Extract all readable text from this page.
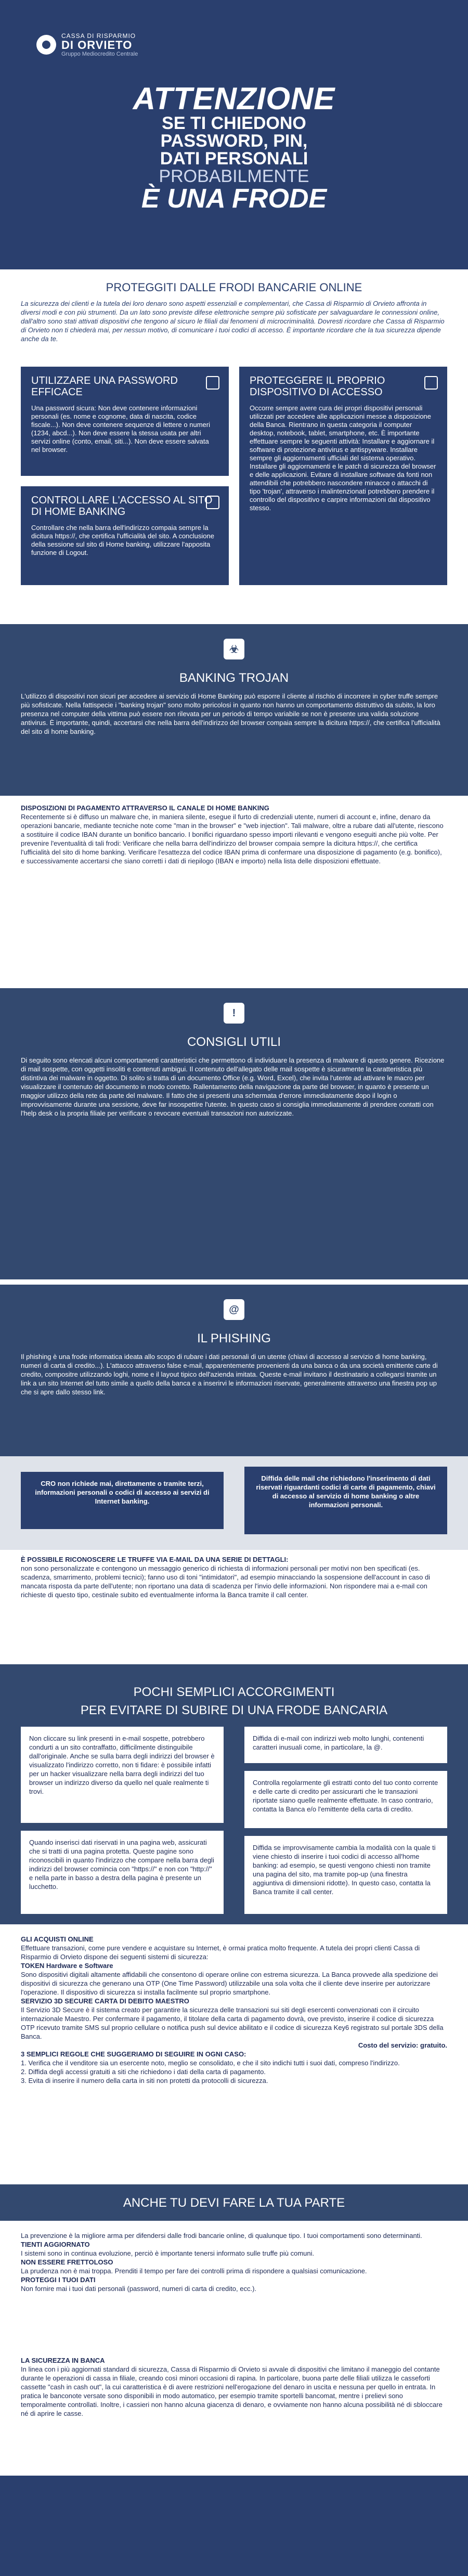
CASSA DI RISPARMIO
DI ORVIETO
Gruppo Mediocredito Centrale
ATTENZIONE
SE TI CHIEDONO
PASSWORD, PIN,
DATI PERSONALI
PROBABILMENTE
È UNA FRODE
PROTEGGITI DALLE FRODI BANCARIE ONLINE
La sicurezza dei clienti e la tutela dei loro denaro sono aspetti essenziali e complementari, che Cassa di Risparmio di Orvieto affronta in diversi modi e con più strumenti. Da un lato sono previste difese elettroniche sempre più sofisticate per salvaguardare le connessioni online, dall'altro sono stati attivati dispositivi che tengono al sicuro le filiali dai fenomeni di microcriminalità. Dovresti ricordare che Cassa di Risparmio di Orvieto non ti chiederà mai, per nessun motivo, di comunicare i tuoi codici di accesso. È importante ricordare che la tua sicurezza dipende anche da te.
UTILIZZARE UNA PASSWORD EFFICACE

Una password sicura: Non deve contenere informazioni personali (es. nome e cognome, data di nascita, codice fiscale...). Non deve contenere sequenze di lettere o numeri (1234, abcd...). Non deve essere la stessa usata per altri servizi online (conto, email, siti...). Non deve essere salvata nel browser.

PROTEGGERE IL PROPRIO DISPOSITIVO DI ACCESSO

Occorre sempre avere cura dei propri dispositivi personali utilizzati per accedere alle applicazioni messe a disposizione della Banca. Rientrano in questa categoria il computer desktop, notebook, tablet, smartphone, etc. È importante effettuare sempre le seguenti attività: Installare e aggiornare il software di protezione antivirus e antispyware. Installare sempre gli aggiornamenti ufficiali del sistema operativo. Installare gli aggiornamenti e le patch di sicurezza del browser e delle applicazioni. Evitare di installare software da fonti non attendibili che potrebbero nascondere minacce o attacchi di tipo 'trojan', attraverso i malintenzionati potrebbero prendere il controllo del dispositivo e carpire informazioni dal dispositivo stesso.

CONTROLLARE L'ACCESSO AL SITO DI HOME BANKING

Controllare che nella barra dell'indirizzo compaia sempre la dicitura https://, che certifica l'ufficialità del sito. A conclusione della sessione sul sito di Home banking, utilizzare l'apposita funzione di Logout.

☣
BANKING TROJAN
L'utilizzo di dispositivi non sicuri per accedere ai servizio di Home Banking può esporre il cliente al rischio di incorrere in cyber truffe sempre più sofisticate. Nella fattispecie i "banking trojan" sono molto pericolosi in quanto non hanno un comportamento distruttivo da subito, la loro presenza nel computer della vittima può essere non rilevata per un periodo di tempo variabile se non è presente una valida soluzione antivirus. È importante, quindi, accertarsi che nella barra dell'indirizzo del browser compaia sempre la dicitura https://, che certifica l'ufficialità del sito di home banking.
DISPOSIZIONI DI PAGAMENTO ATTRAVERSO IL CANALE DI HOME BANKING
Recentemente si è diffuso un malware che, in maniera silente, esegue il furto di credenziali utente, numeri di account e, infine, denaro da operazioni bancarie, mediante tecniche note come "man in the browser" e "web injection". Tali malware, oltre a rubare dati all'utente, riescono a sostituire il codice IBAN durante un bonifico bancario. I bonifici riguardano spesso importi rilevanti e vengono eseguiti anche più volte. Per prevenire l'eventualità di tali frodi: Verificare che nella barra dell'indirizzo del browser compaia sempre la dicitura https://, che certifica l'ufficialità del sito di home banking. Verificare l'esattezza del codice IBAN prima di confermare una disposizione di pagamento (e.g. bonifico), e successivamente accertarsi che siano corretti i dati di riepilogo (IBAN e importo) nella lista delle disposizioni effettuate.
!
CONSIGLI UTILI
Di seguito sono elencati alcuni comportamenti caratteristici che permettono di individuare la presenza di malware di questo genere. Ricezione di mail sospette, con oggetti insoliti e contenuti ambigui. Il contenuto dell'allegato delle mail sospette è sicuramente la caratteristica più distintiva dei malware in oggetto. Di solito si tratta di un documento Office (e.g. Word, Excel), che invita l'utente ad attivare le macro per visualizzare il contenuto del documento in modo corretto. Rallentamento della navigazione da parte del browser, in quanto è presente un maggior utilizzo della rete da parte del malware. Il fatto che si presenti una schermata d'errore immediatamente dopo il login o improvvisamente durante una sessione, deve far insospettire l'utente. In questo caso si consiglia immediatamente di prendere contatti con l'help desk o la propria filiale per verificare o revocare eventuali transazioni non autorizzate.
@
IL PHISHING
Il phishing è una frode informatica ideata allo scopo di rubare i dati personali di un utente (chiavi di accesso al servizio di home banking, numeri di carta di credito...). L'attacco attraverso false e-mail, apparentemente provenienti da una banca o da una società emittente carte di credito, compositre utilizzando loghi, nome e il layout tipico dell'azienda imitata. Queste e-mail invitano il destinatario a collegarsi tramite un link a un sito Internet del tutto simile a quello della banca e a inserirvi le informazioni riservate, generalmente attraverso una finestra pop up che si apre dallo stesso link.
CRO non richiede mai, direttamente o tramite terzi, informazioni personali o codici di accesso ai servizi di Internet banking.
Diffida delle mail che richiedono l'inserimento di dati riservati riguardanti codici di carte di pagamento, chiavi di accesso al servizio di home banking o altre informazioni personali.
È POSSIBILE RICONOSCERE LE TRUFFE VIA E-MAIL DA UNA SERIE DI DETTAGLI:
non sono personalizzate e contengono un messaggio generico di richiesta di informazioni personali per motivi non ben specificati (es. scadenza, smarrimento, problemi tecnici); fanno uso di toni "intimidatori", ad esempio minacciando la sospensione dell'account in caso di mancata risposta da parte dell'utente; non riportano una data di scadenza per l'invio delle informazioni. Non rispondere mai a e-mail con richieste di questo tipo, cestinale subito ed eventualmente informa la Banca tramite il call center.
POCHI SEMPLICI ACCORGIMENTI
PER EVITARE DI SUBIRE DI UNA FRODE BANCARIA
Non cliccare su link presenti in e-mail sospette, potrebbero condurti a un sito contraffatto, difficilmente distinguibile dall'originale. Anche se sulla barra degli indirizzi del browser è visualizzato l'indirizzo corretto, non ti fidare: è possibile infatti per un hacker visualizzare nella barra degli indirizzi del tuo browser un indirizzo diverso da quello nel quale realmente ti trovi.
Quando inserisci dati riservati in una pagina web, assicurati che si tratti di una pagina protetta. Queste pagine sono riconoscibili in quanto l'indirizzo che compare nella barra degli indirizzi del browser comincia con "https://" e non con "http://" e nella parte in basso a destra della pagina è presente un lucchetto.
Diffida di e-mail con indirizzi web molto lunghi, contenenti caratteri inusuali come, in particolare, la @.
Controlla regolarmente gli estratti conto del tuo conto corrente e delle carte di credito per assicurarti che le transazioni riportate siano quelle realmente effettuate. In caso contrario, contatta la Banca e/o l'emittente della carta di credito.
Diffida se improvvisamente cambia la modalità con la quale ti viene chiesto di inserire i tuoi codici di accesso all'home banking: ad esempio, se questi vengono chiesti non tramite una pagina del sito, ma tramite pop-up (una finestra aggiuntiva di dimensioni ridotte). In questo caso, contatta la Banca tramite il call center.
GLI ACQUISTI ONLINE
Effettuare transazioni, come pure vendere e acquistare su Internet, è ormai pratica molto frequente. A tutela dei propri clienti Cassa di Risparmio di Orvieto dispone dei seguenti sistemi di sicurezza:
TOKEN Hardware e Software
Sono dispositivi digitali altamente affidabili che consentono di operare online con estrema sicurezza. La Banca provvede alla spedizione dei dispositivi di sicurezza che generano una OTP (One Time Password) utilizzabile una sola volta che il cliente deve inserire per autorizzare l'operazione. Il dispositivo di sicurezza si installa facilmente sul proprio smartphone.
SERVIZIO 3D SECURE CARTA DI DEBITO MAESTRO
Il Servizio 3D Secure è il sistema creato per garantire la sicurezza delle transazioni sui siti degli esercenti convenzionati con il circuito internazionale Maestro. Per confermare il pagamento, il titolare della carta di pagamento dovrà, ove previsto, inserire il codice di sicurezza OTP ricevuto tramite SMS sul proprio cellulare o notifica push sul device abilitato e il codice di sicurezza Key6 registrato sul portale 3DS della Banca.
Costo del servizio: gratuito.
3 SEMPLICI REGOLE CHE SUGGERIAMO DI SEGUIRE IN OGNI CASO:
1. Verifica che il venditore sia un esercente noto, meglio se consolidato, e che il sito indichi tutti i suoi dati, compreso l'indirizzo.
2. Diffida degli accessi gratuiti a siti che richiedono i dati della carta di pagamento.
3. Evita di inserire il numero della carta in siti non protetti da protocolli di sicurezza.
ANCHE TU DEVI FARE LA TUA PARTE
La prevenzione è la migliore arma per difendersi dalle frodi bancarie online, di qualunque tipo. I tuoi comportamenti sono determinanti.
TIENTI AGGIORNATO
I sistemi sono in continua evoluzione, perciò è importante tenersi informato sulle truffe più comuni.
NON ESSERE FRETTOLOSO
La prudenza non è mai troppa. Prenditi il tempo per fare dei controlli prima di rispondere a qualsiasi comunicazione.
PROTEGGI I TUOI DATI
Non fornire mai i tuoi dati personali (password, numeri di carta di credito, ecc.).
LA SICUREZZA IN BANCA
In linea con i più aggiornati standard di sicurezza, Cassa di Risparmio di Orvieto si avvale di dispositivi che limitano il maneggio del contante durante le operazioni di cassa in filiale, creando così minori occasioni di rapina. In particolare, buona parte delle filiali utilizza le casseforti cassette "cash in cash out", la cui caratteristica è di avere restrizioni nell'erogazione del denaro in uscita e nessuna per quello in entrata. In pratica le banconote versate sono disponibili in modo automatico, per esempio tramite sportelli bancomat, mentre i prelievi sono temporalmente controllati. Inoltre, i cassieri non hanno alcuna giacenza di denaro, e ovviamente non hanno alcuna possibilità né di sbloccare né di aprire le casse.
